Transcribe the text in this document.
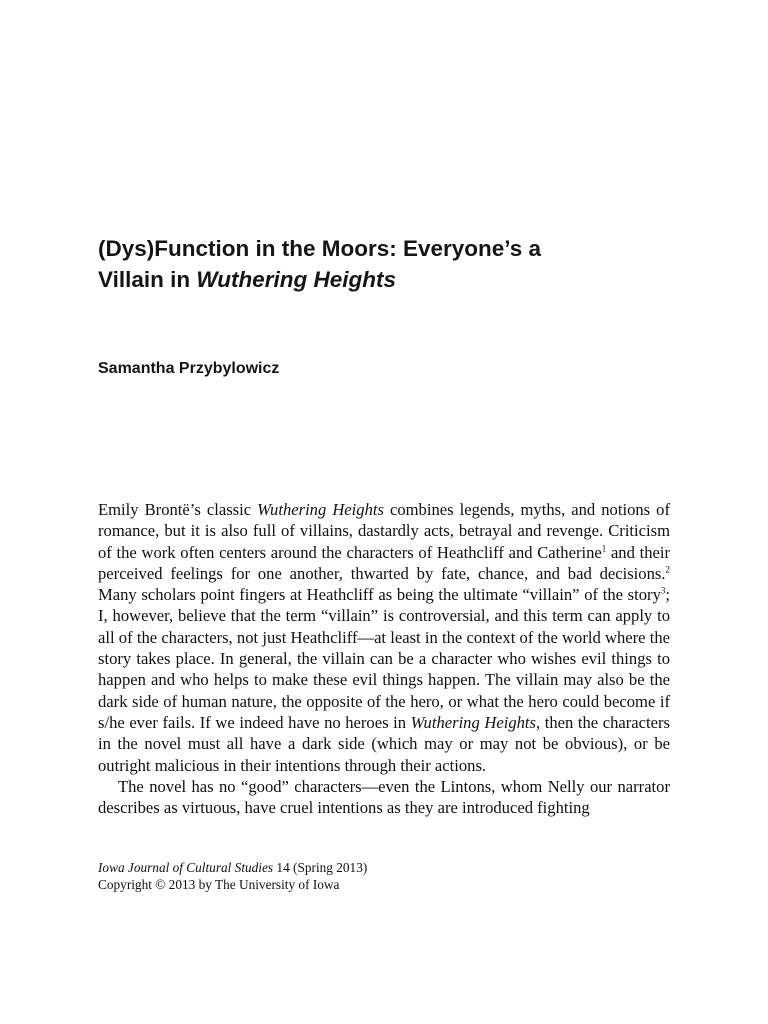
(Dys)Function in the Moors: Everyone’s a
Villain in Wuthering Heights
Samantha Przybylowicz

Emily Brontë’s classic Wuthering Heights combines legends, myths, and notions of romance, but it is also full of villains, dastardly acts, betrayal and revenge. Criticism of the work often centers around the characters of Heathcliff and Catherine$^1$ and their perceived feelings for one another, thwarted by fate, chance, and bad decisions.$^2$ Many scholars point fingers at Heathcliff as being the ultimate “villain” of the story$^3$; I, however, believe that the term “villain” is controversial, and this term can apply to all of the characters, not just Heathcliff—at least in the context of the world where the story takes place. In general, the villain can be a character who wishes evil things to happen and who helps to make these evil things happen. The villain may also be the dark side of human nature, the opposite of the hero, or what the hero could become if s/he ever fails. If we indeed have no heroes in Wuthering Heights, then the characters in the novel must all have a dark side (which may or may not be obvious), or be outright malicious in their intentions through their actions.

The novel has no “good” characters—even the Lintons, whom Nelly our narrator describes as virtuous, have cruel intentions as they are introduced fighting

Iowa Journal of Cultural Studies 14 (Spring 2013)
Copyright © 2013 by The University of Iowa
